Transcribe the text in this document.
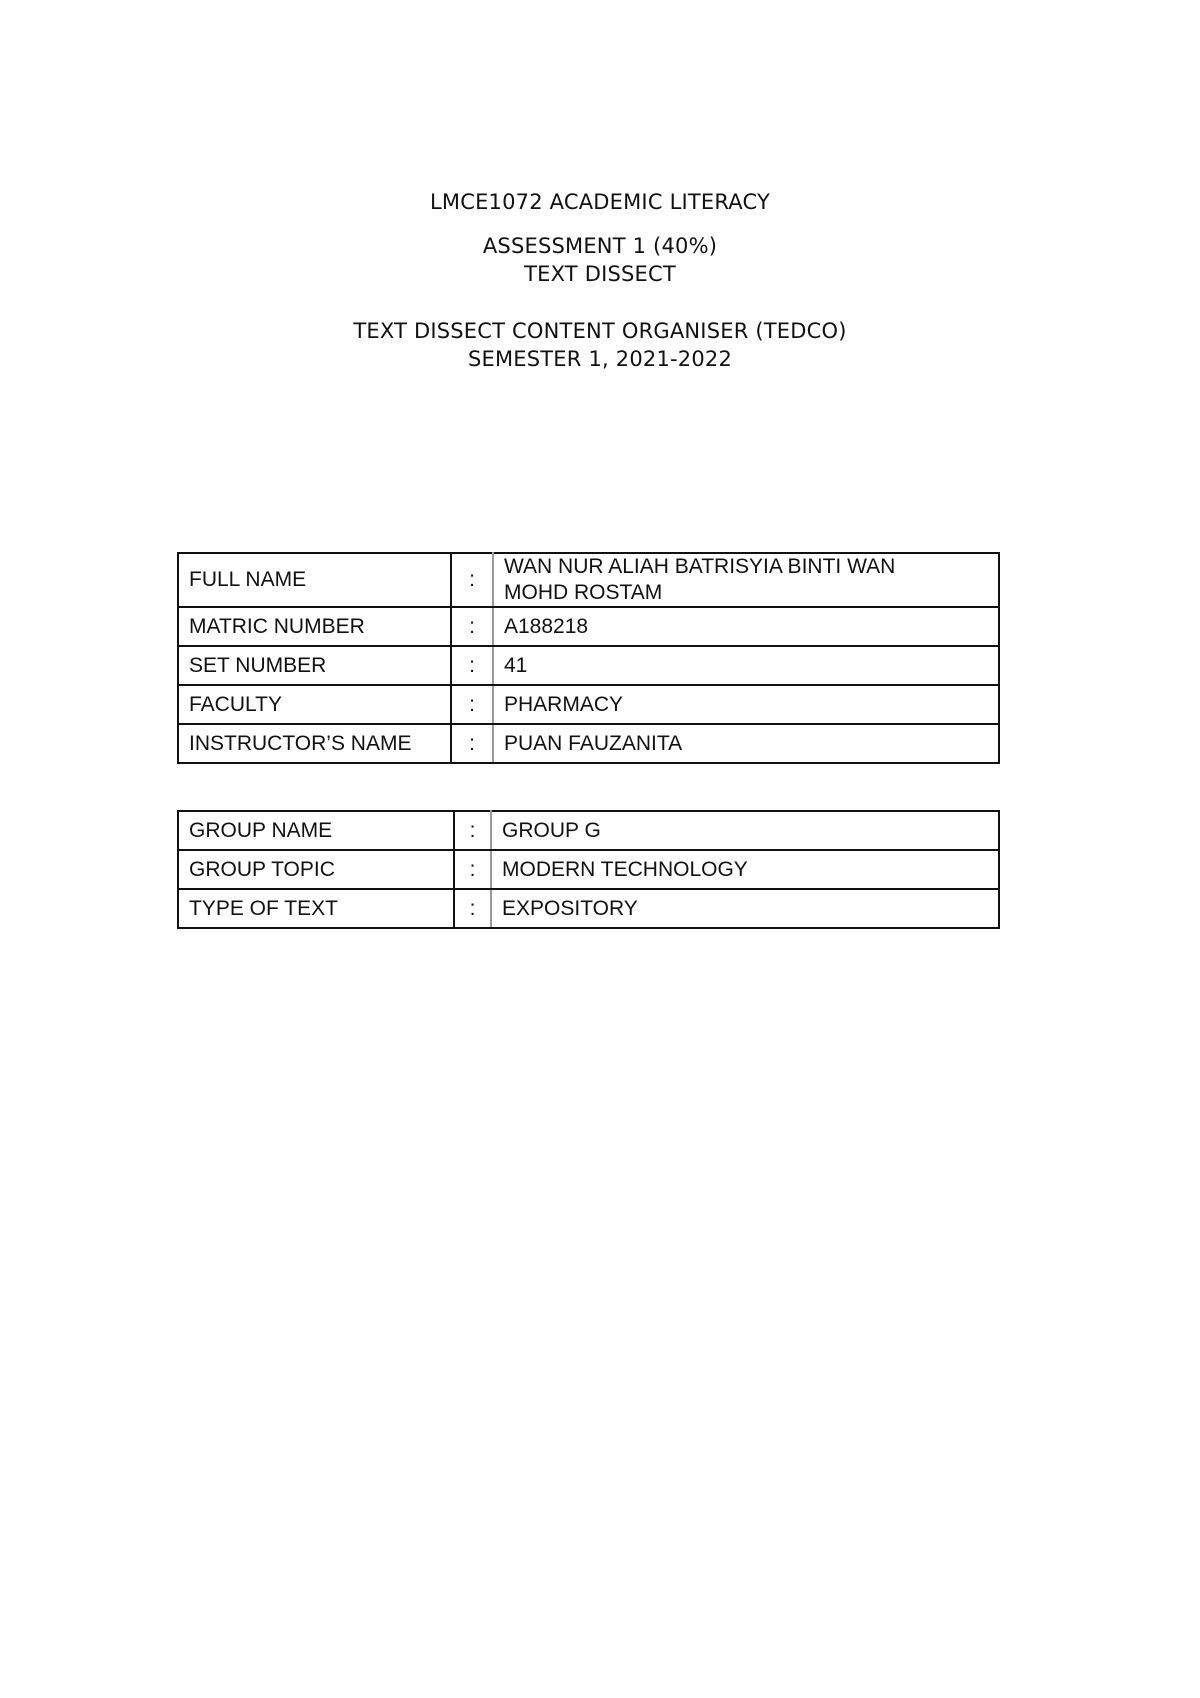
LMCE1072 ACADEMIC LITERACY
ASSESSMENT 1 (40%)
TEXT DISSECT
TEXT DISSECT CONTENT ORGANISER (TEDCO)
SEMESTER 1, 2021-2022
FULL NAME	:	WAN NUR ALIAH BATRISYIA BINTI WAN
MOHD ROSTAM

MATRIC NUMBER	:	A188218
SET NUMBER	:	41
FACULTY	:	PHARMACY
INSTRUCTOR’S NAME	:	PUAN FAUZANITA
GROUP NAME	:	GROUP G
GROUP TOPIC	:	MODERN TECHNOLOGY
TYPE OF TEXT	:	EXPOSITORY
